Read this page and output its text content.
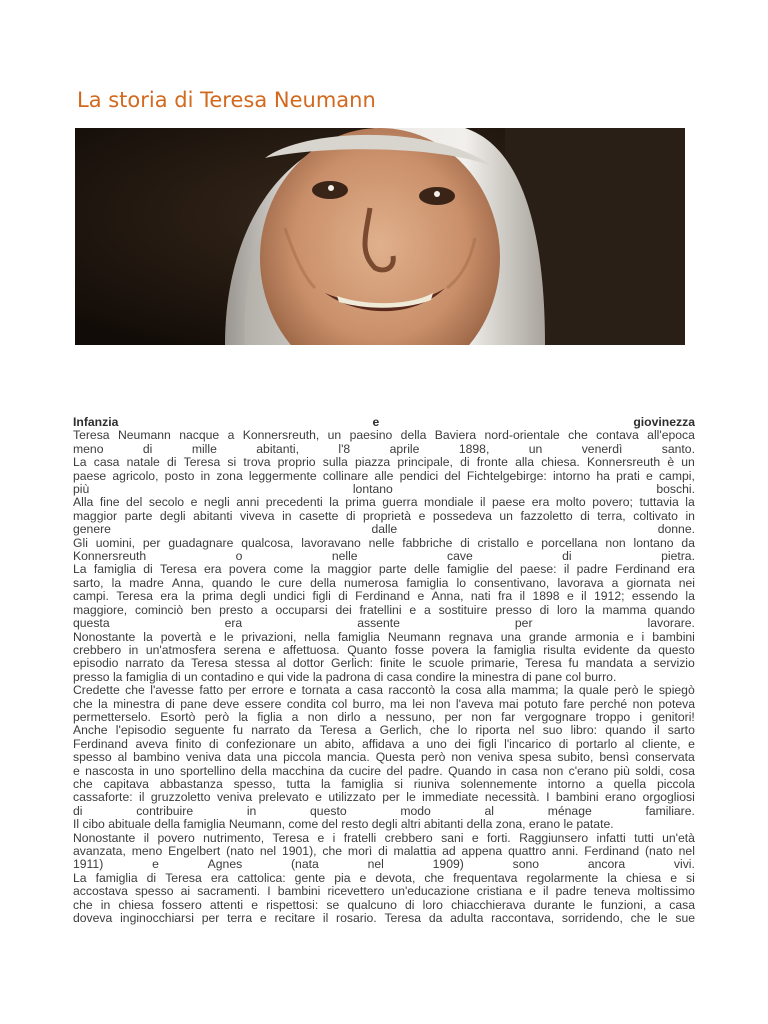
La storia di Teresa Neumann
Infanzia	e	giovinezza
Teresa Neumann nacque a Konnersreuth, un paesino della Baviera nord-orientale che contava all'epoca
meno	di	mille	abitanti,	l'8	aprile	1898,	un	venerdì	santo.
La casa natale di Teresa si trova proprio sulla piazza principale, di fronte alla chiesa. Konnersreuth è un
paese agricolo, posto in zona leggermente collinare alle pendici del Fichtelgebirge: intorno ha prati e campi,
più	lontano	boschi.
Alla fine del secolo e negli anni precedenti la prima guerra mondiale il paese era molto povero; tuttavia la
maggior parte degli abitanti viveva in casette di proprietà e possedeva un fazzoletto di terra, coltivato in
genere	dalle	donne.
Gli uomini, per guadagnare qualcosa, lavoravano nelle fabbriche di cristallo e porcellana non lontano da
Konnersreuth	o	nelle	cave	di	pietra.
La famiglia di Teresa era povera come la maggior parte delle famiglie del paese: il padre Ferdinand era
sarto, la madre Anna, quando le cure della numerosa famiglia lo consentivano, lavorava a giornata nei
campi. Teresa era la prima degli undici figli di Ferdinand e Anna, nati fra il 1898 e il 1912; essendo la
maggiore, cominciò ben presto a occuparsi dei fratellini e a sostituire presso di loro la mamma quando
questa	era	assente	per	lavorare.
Nonostante la povertà e le privazioni, nella famiglia Neumann regnava una grande armonia e i bambini
crebbero in un'atmosfera serena e affettuosa. Quanto fosse povera la famiglia risulta evidente da questo
episodio narrato da Teresa stessa al dottor Gerlich: finite le scuole primarie, Teresa fu mandata a servizio
presso la famiglia di un contadino e qui vide la padrona di casa condire la minestra di pane col burro.
Credette che l'avesse fatto per errore e tornata a casa raccontò la cosa alla mamma; la quale però le spiegò
che la minestra di pane deve essere condita col burro, ma lei non l'aveva mai potuto fare perché non poteva
permetterselo. Esortò però la figlia a non dirlo a nessuno, per non far vergognare troppo i genitori!
Anche l'episodio seguente fu narrato da Teresa a Gerlich, che lo riporta nel suo libro: quando il sarto
Ferdinand aveva finito di confezionare un abito, affidava a uno dei figli l'incarico di portarlo al cliente, e
spesso al bambino veniva data una piccola mancia. Questa però non veniva spesa subito, bensì conservata
e nascosta in uno sportellino della macchina da cucire del padre. Quando in casa non c'erano più soldi, cosa
che capitava abbastanza spesso, tutta la famiglia si riuniva solennemente intorno a quella piccola
cassaforte: il gruzzoletto veniva prelevato e utilizzato per le immediate necessità. I bambini erano orgogliosi
di	contribuire	in	questo	modo	al	ménage	familiare.
Il cibo abituale della famiglia Neumann, come del resto degli altri abitanti della zona, erano le patate.
Nonostante il povero nutrimento, Teresa e i fratelli crebbero sani e forti. Raggiunsero infatti tutti un'età
avanzata, meno Engelbert (nato nel 1901), che morì di malattia ad appena quattro anni. Ferdinand (nato nel
1911)	e	Agnes	(nata	nel	1909)	sono	ancora	vivi.
La famiglia di Teresa era cattolica: gente pia e devota, che frequentava regolarmente la chiesa e si
accostava spesso ai sacramenti. I bambini ricevettero un'educazione cristiana e il padre teneva moltissimo
che in chiesa fossero attenti e rispettosi: se qualcuno di loro chiacchierava durante le funzioni, a casa
doveva inginocchiarsi per terra e recitare il rosario. Teresa da adulta raccontava, sorridendo, che le sue
